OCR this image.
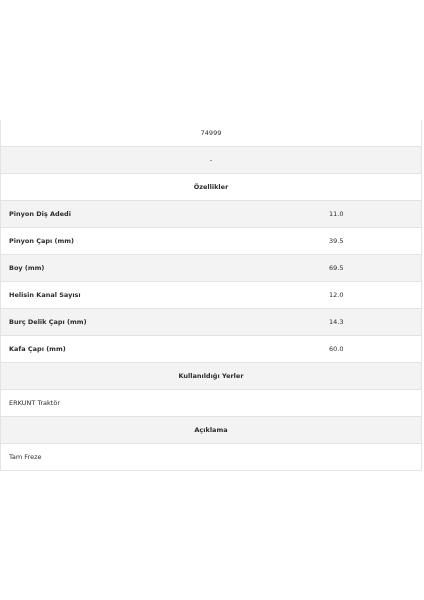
74999
-
Özellikler
Pinyon Diş Adedi	11.0
Pinyon Çapı (mm)	39.5
Boy (mm)	69.5
Helisin Kanal Sayısı	12.0
Burç Delik Çapı (mm)	14.3
Kafa Çapı (mm)	60.0
Kullanıldığı Yerler
ERKUNT Traktör
Açıklama
Tam Freze
